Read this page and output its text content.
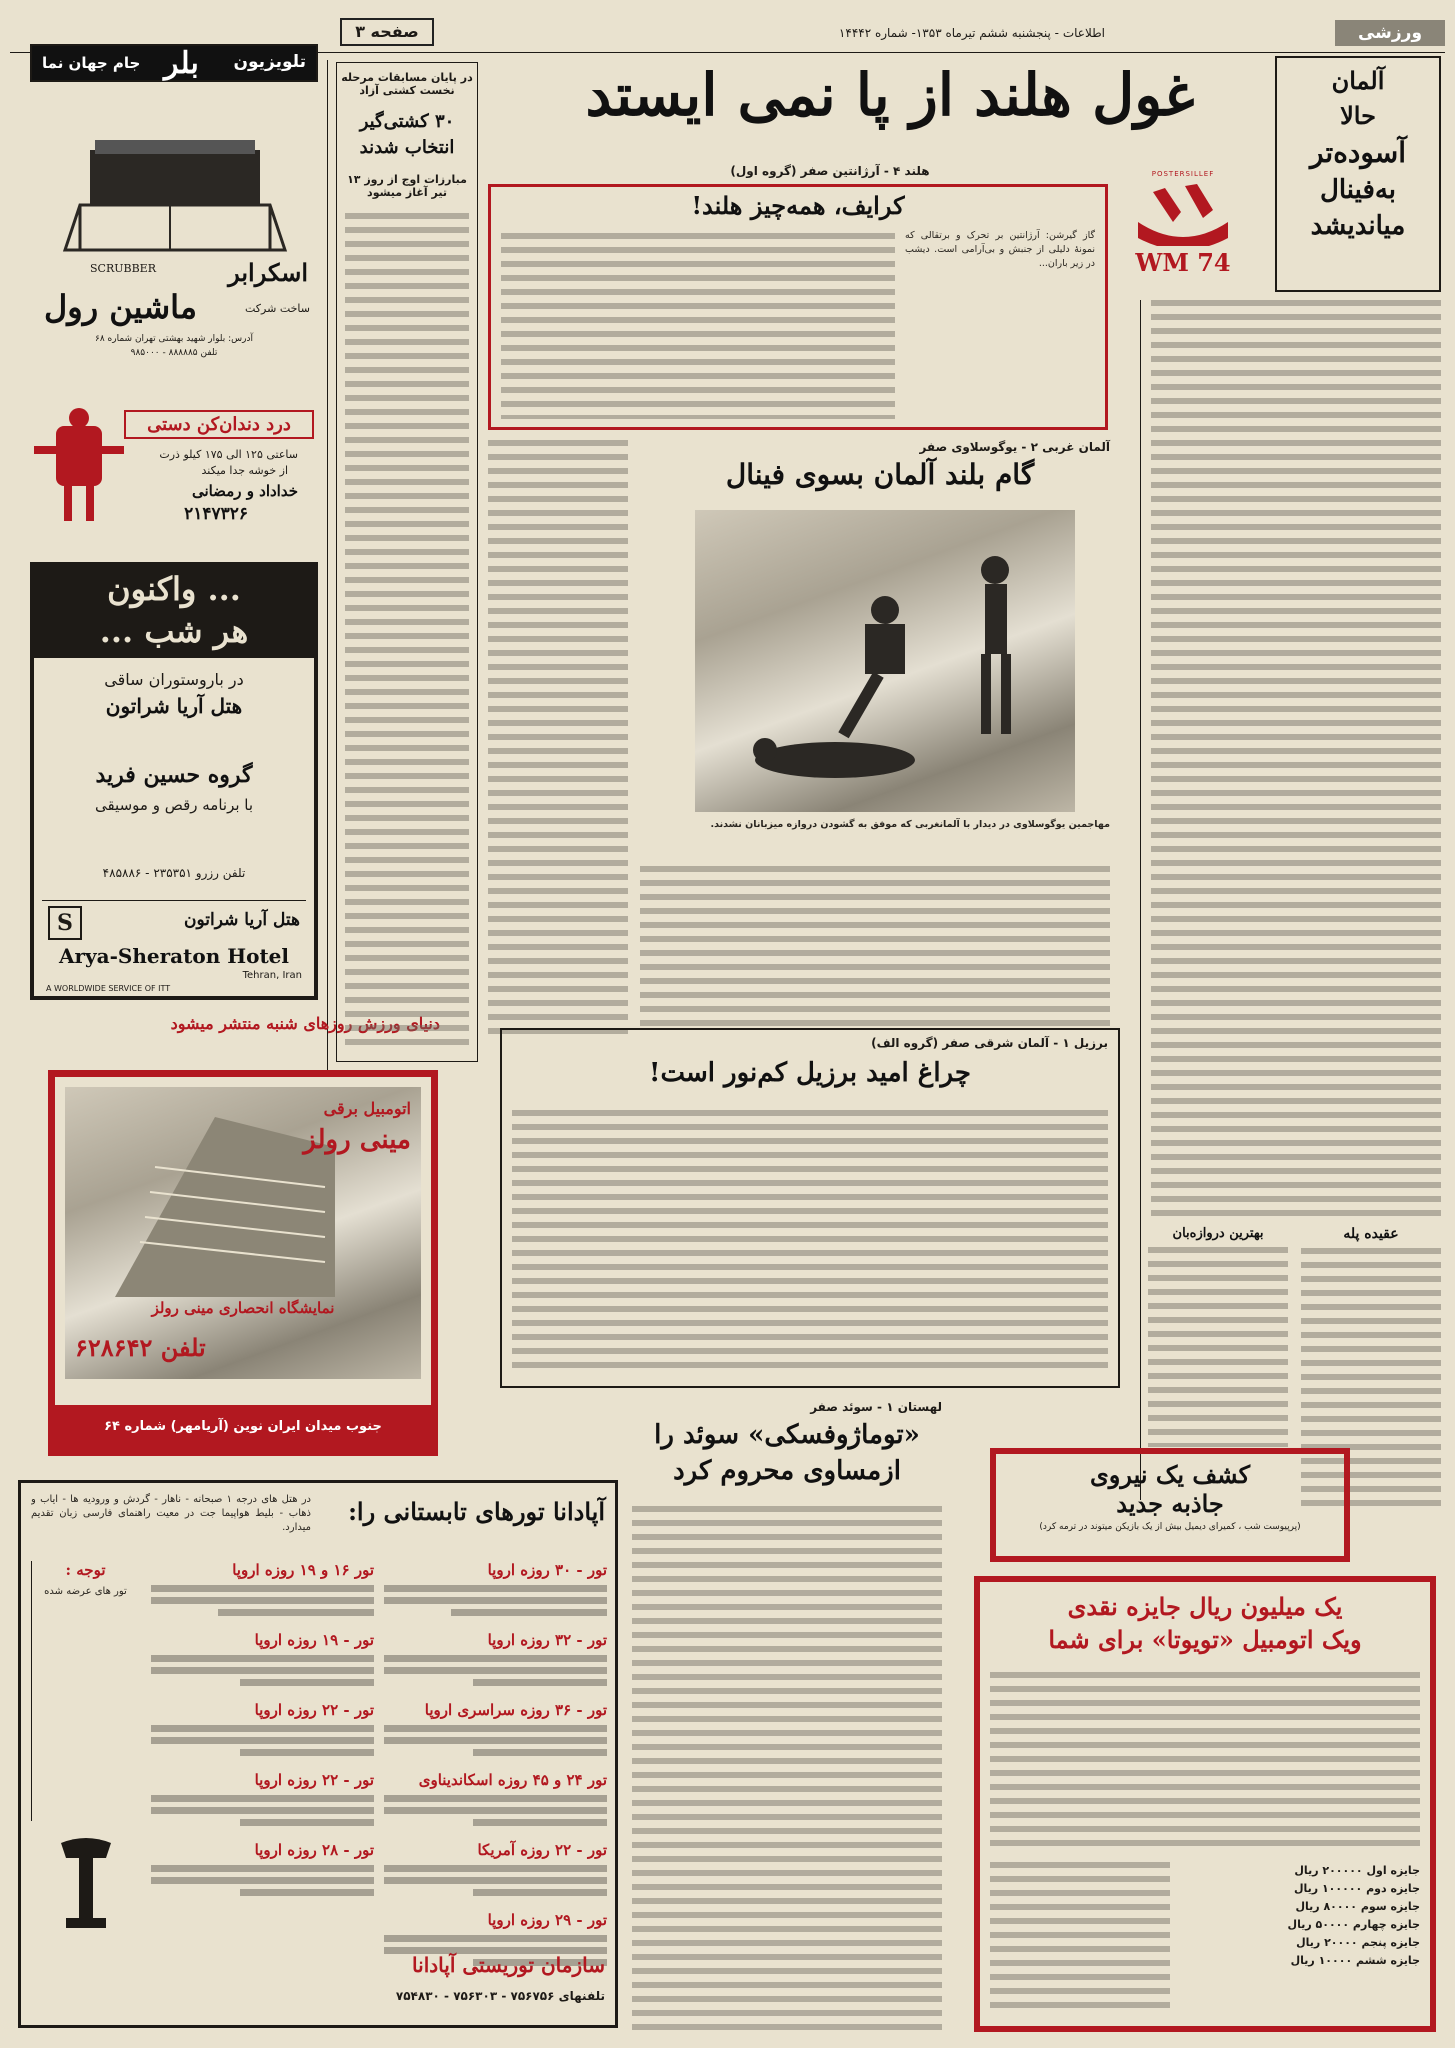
ورزشی
اطلاعات - پنجشنبه ششم تیرماه ۱۳۵۳- شماره ۱۴۴۴۲
صفحه ۳
بلر تلویزیون
جام جهان نما
SCRUBBER	اسکرابر
ساخت شرکت
ماشین رول
آدرس: بلوار شهید بهشتی تهران شماره ۶۸
تلفن ۸۸۸۸۸۵ - ۹۸۵۰۰۰
درد دندان‌کن دستی
ساعتی ۱۲۵ الی ۱۷۵ کیلو ذرت
از خوشه جدا میکند
خداداد و رمضانی
۲۱۴۷۳۲۶
... واکنون
هر شب ...
در باروستوران ساقی
هتل آریا شراتون
گروه حسین فرید
با برنامه رقص و موسیقی
تلفن رزرو ۲۳۵۳۵۱ - ۴۸۵۸۸۶
S	هتل آریا شراتون
Arya-Sheraton Hotel
Tehran, Iran
A WORLDWIDE SERVICE OF ITT
دنیای ورزش روزهای شنبه منتشر میشود
اتومبیل برقی
مینی رولز
نمایشگاه انحصاری مینی رولز
تلفن ۶۲۸۶۴۲
جنوب میدان ایران نوین (آریامهر) شماره ۶۴
آپادانا تورهای تابستانی را:
در هتل های درجه ۱ صبحانه - ناهار - گردش و ورودیه ها - ایاب و ذهاب - بلیط هواپیما جت در معیت راهنمای فارسی زبان تقدیم میدارد.
تور - ۳۰ روزه اروپا
تور ۱۶ و ۱۹ روزه اروپا
تور - ۳۲ روزه اروپا
تور - ۱۹ روزه اروپا
تور - ۳۶ روزه سراسری اروپا
تور - ۲۲ روزه اروپا
تور ۲۴ و ۴۵ روزه اسکاندیناوی
تور - ۲۲ روزه اروپا
تور - ۲۲ روزه آمریکا
تور - ۲۸ روزه اروپا
تور - ۲۹ روزه اروپا
توجه :
تور های عرضه شده
سازمان توریستی آپادانا
تلفنهای ۷۵۶۷۵۶ - ۷۵۶۳۰۳ - ۷۵۴۸۳۰
در پایان مسابقات مرحله نخست کشتی آزاد
۳۰ کشتی‌گیر
انتخاب شدند
مبارزات اوج از روز ۱۳ تیر آغاز میشود
غول هلند از پا نمی ایستد	آلمان
حالا
آسوده‌تر
به‌فینال
میاندیشد
POSTERSILLEF
WM 74
هلند ۴ - آرژانتین صفر (گروه اول)
کرایف، همه‌چیز هلند!
گاز گیرشن: آرژانتین بر تحرک و برتقالی که نمونهٔ دلیلی از جنبش و بی‌آرامی است. دیشب در زیر باران...
آلمان غربی ۲ - یوگوسلاوی صفر
گام بلند آلمان بسوی فینال
مهاجمین یوگوسلاوی در دیدار با آلمانغربی که موفق به گشودن دروازه میزبانان نشدند.
برزیل ۱ - آلمان شرقی صفر (گروه الف)
چراغ امید برزیل کم‌نور است!
بهترین دروازه‌بان	عقیده پله
لهستان ۱ - سوئد صفر
«توماژوفسکی» سوئد را
ازمساوی محروم کرد	کشف یک نیروی
جاذبه جدید
(پرپیوست شب ، کمیرای دیمیل بیش از یک بازیکن میتوند در ترمه کرد)
یک میلیون ریال جایزه نقدی
ویک اتومبیل «تویوتا» برای شما
جایزه اول ۲۰۰۰۰۰ ریال
جایزه دوم ۱۰۰۰۰۰ ریال
جایزه سوم ۸۰۰۰۰ ریال
جایزه چهارم ۵۰۰۰۰ ریال
جایزه پنجم ۲۰۰۰۰ ریال
جایزه ششم ۱۰۰۰۰ ریال
